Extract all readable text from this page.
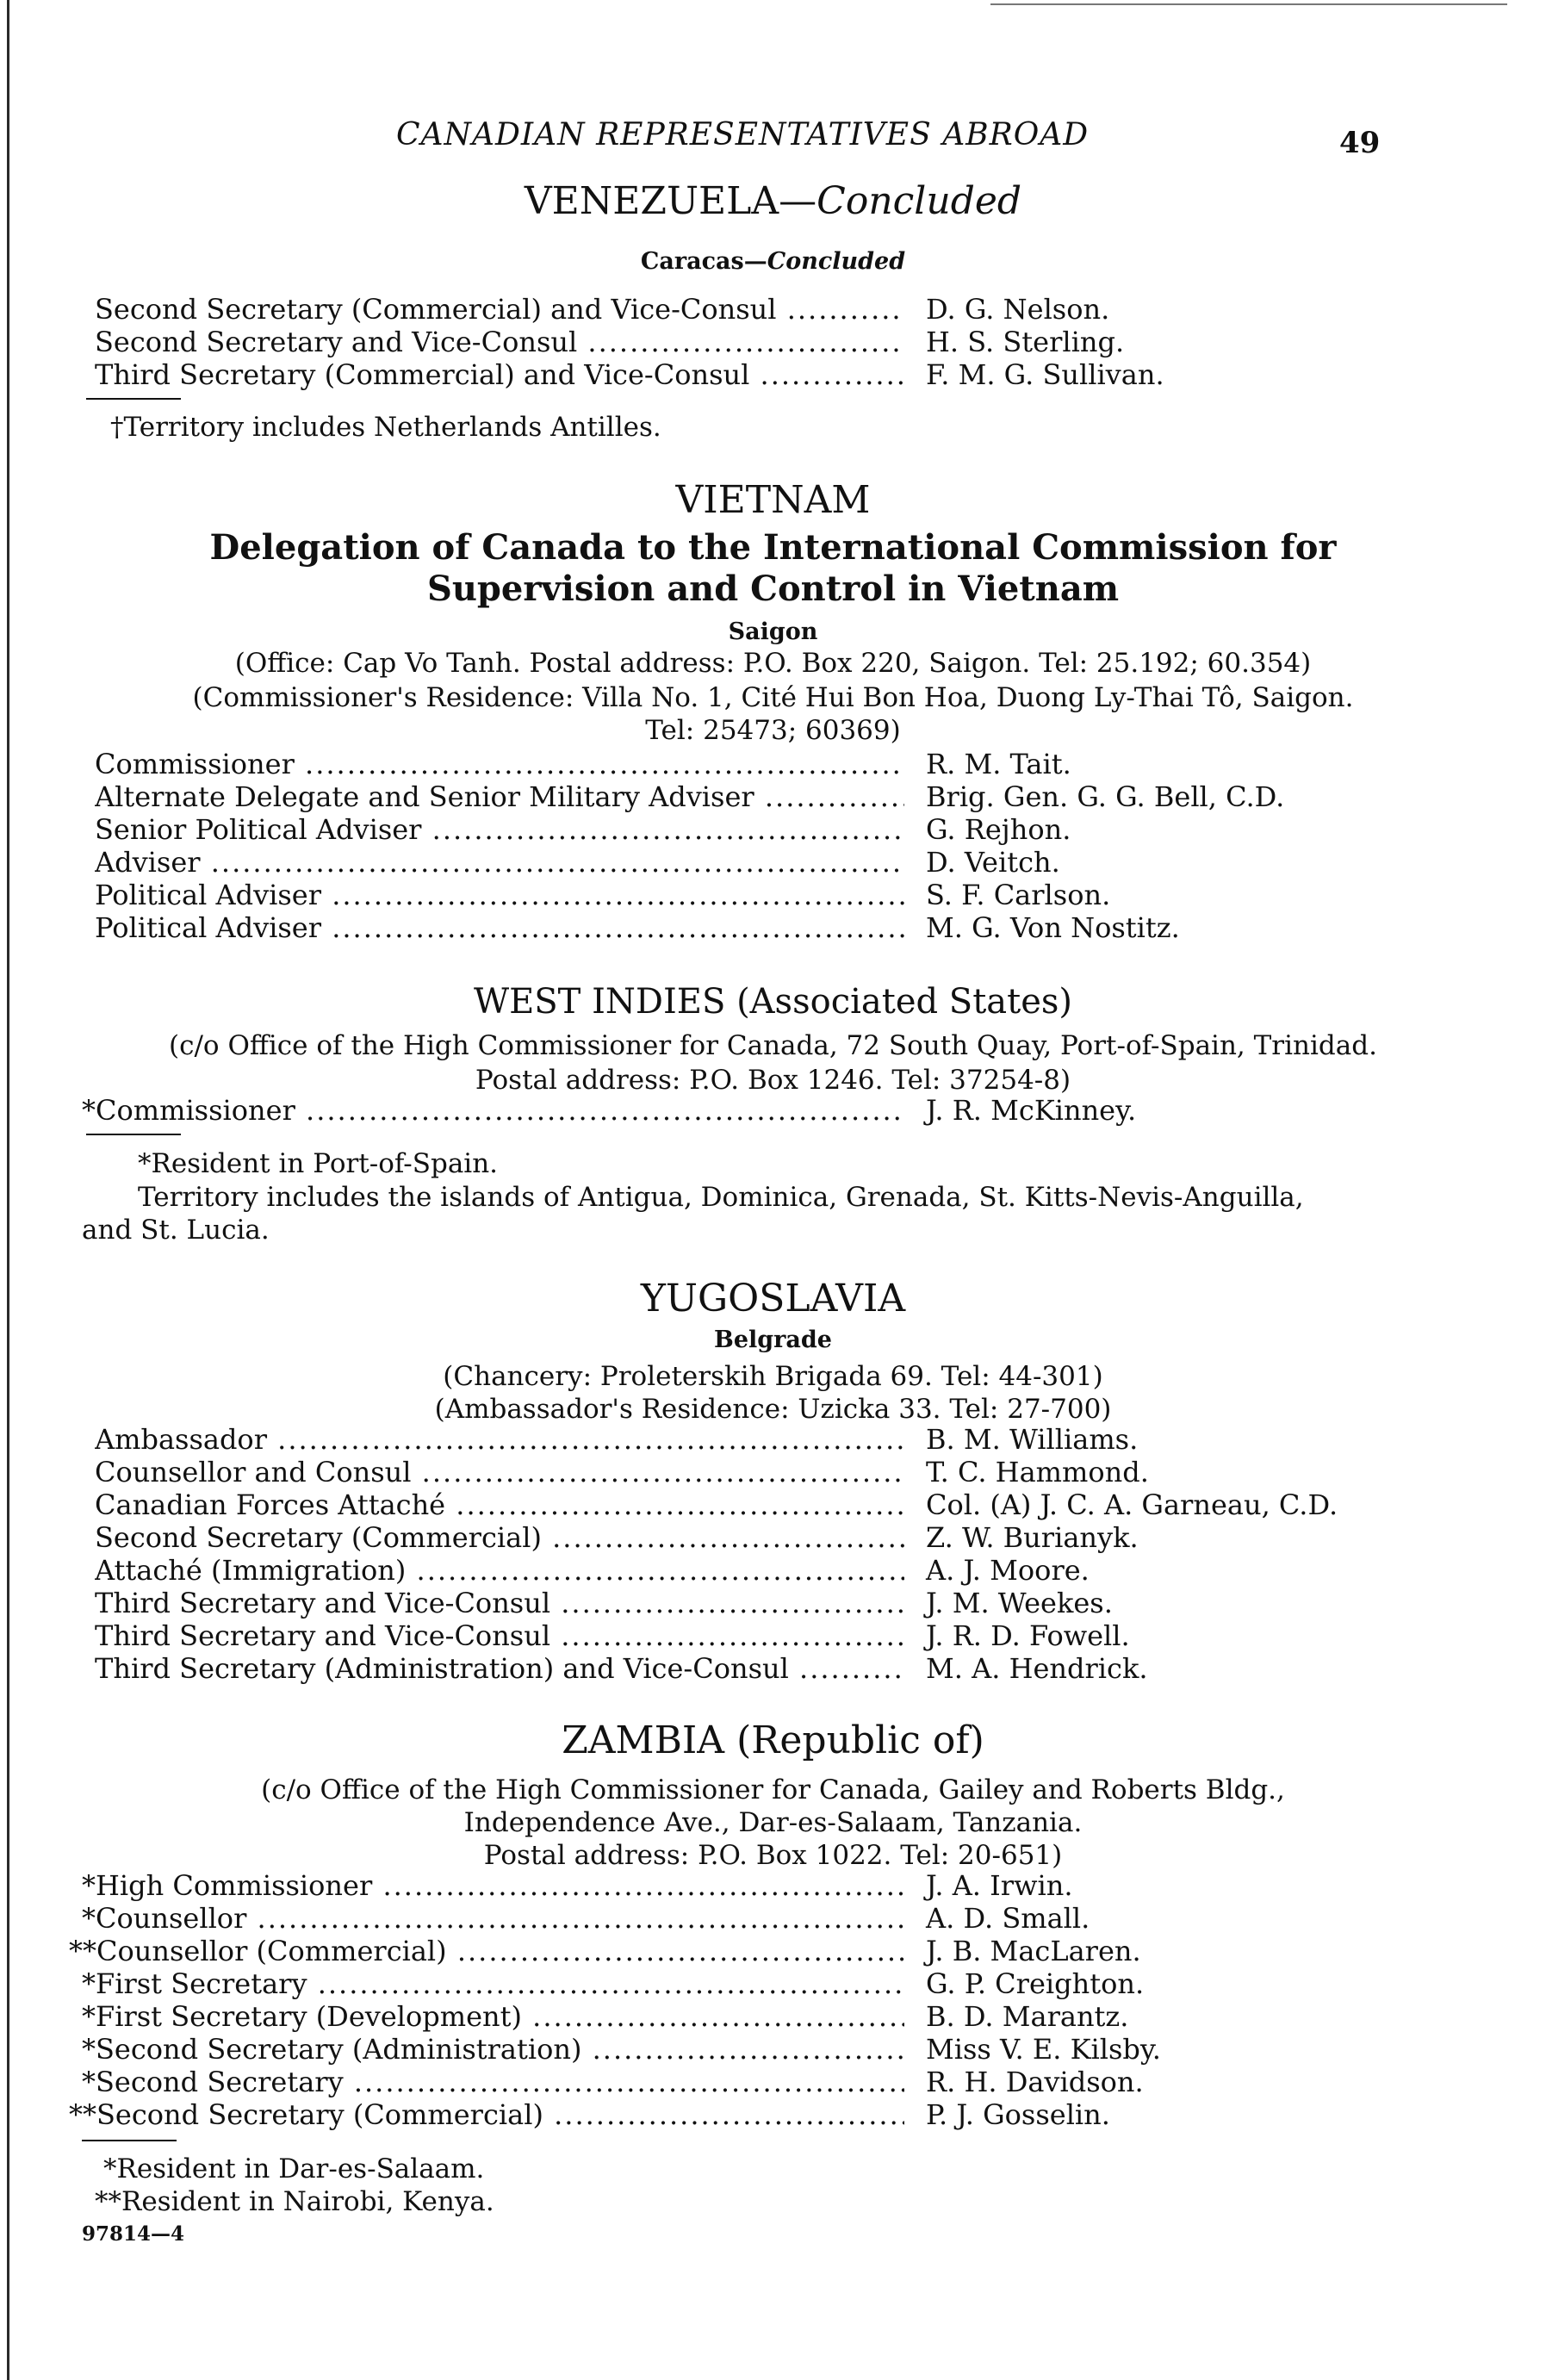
CANADIAN REPRESENTATIVES ABROAD	49
VENEZUELA—Concluded
Caracas—Concluded
Second Secretary (Commercial) and Vice-Consul .....	D. G. Nelson.
Second Secretary and Vice-Consul .....	H. S. Sterling.
Third Secretary (Commercial) and Vice-Consul .....	F. M. G. Sullivan.
†Territory includes Netherlands Antilles.
VIETNAM
Delegation of Canada to the International Commission for
Supervision and Control in Vietnam
Saigon
(Office: Cap Vo Tanh. Postal address: P.O. Box 220, Saigon. Tel: 25.192; 60.354)
(Commissioner's Residence: Villa No. 1, Cité Hui Bon Hoa, Duong Ly-Thai Tô, Saigon.
Tel: 25473; 60369)
Commissioner .....	R. M. Tait.
Alternate Delegate and Senior Military Adviser .....	Brig. Gen. G. G. Bell, C.D.
Senior Political Adviser .....	G. Rejhon.
Adviser .....	D. Veitch.
Political Adviser .....	S. F. Carlson.
Political Adviser .....	M. G. Von Nostitz.
WEST INDIES (Associated States)
(c/o Office of the High Commissioner for Canada, 72 South Quay, Port-of-Spain, Trinidad.
Postal address: P.O. Box 1246. Tel: 37254-8)
*Commissioner .....	J. R. McKinney.
*Resident in Port-of-Spain.
Territory includes the islands of Antigua, Dominica, Grenada, St. Kitts-Nevis-Anguilla,
and St. Lucia.
YUGOSLAVIA
Belgrade
(Chancery: Proleterskih Brigada 69. Tel: 44-301)
(Ambassador's Residence: Uzicka 33. Tel: 27-700)
Ambassador .....	B. M. Williams.
Counsellor and Consul .....	T. C. Hammond.
Canadian Forces Attaché .....	Col. (A) J. C. A. Garneau, C.D.
Second Secretary (Commercial) .....	Z. W. Burianyk.
Attaché (Immigration) .....	A. J. Moore.
Third Secretary and Vice-Consul .....	J. M. Weekes.
Third Secretary and Vice-Consul .....	J. R. D. Fowell.
Third Secretary (Administration) and Vice-Consul .....	M. A. Hendrick.
ZAMBIA (Republic of)
(c/o Office of the High Commissioner for Canada, Gailey and Roberts Bldg.,
Independence Ave., Dar-es-Salaam, Tanzania.
Postal address: P.O. Box 1022. Tel: 20-651)
*High Commissioner .....	J. A. Irwin.
*Counsellor .....	A. D. Small.
**Counsellor (Commercial) .....	J. B. MacLaren.
*First Secretary .....	G. P. Creighton.
*First Secretary (Development) .....	B. D. Marantz.
*Second Secretary (Administration) .....	Miss V. E. Kilsby.
*Second Secretary .....	R. H. Davidson.
**Second Secretary (Commercial) .....	P. J. Gosselin.
*Resident in Dar-es-Salaam.
**Resident in Nairobi, Kenya.
97814—4
